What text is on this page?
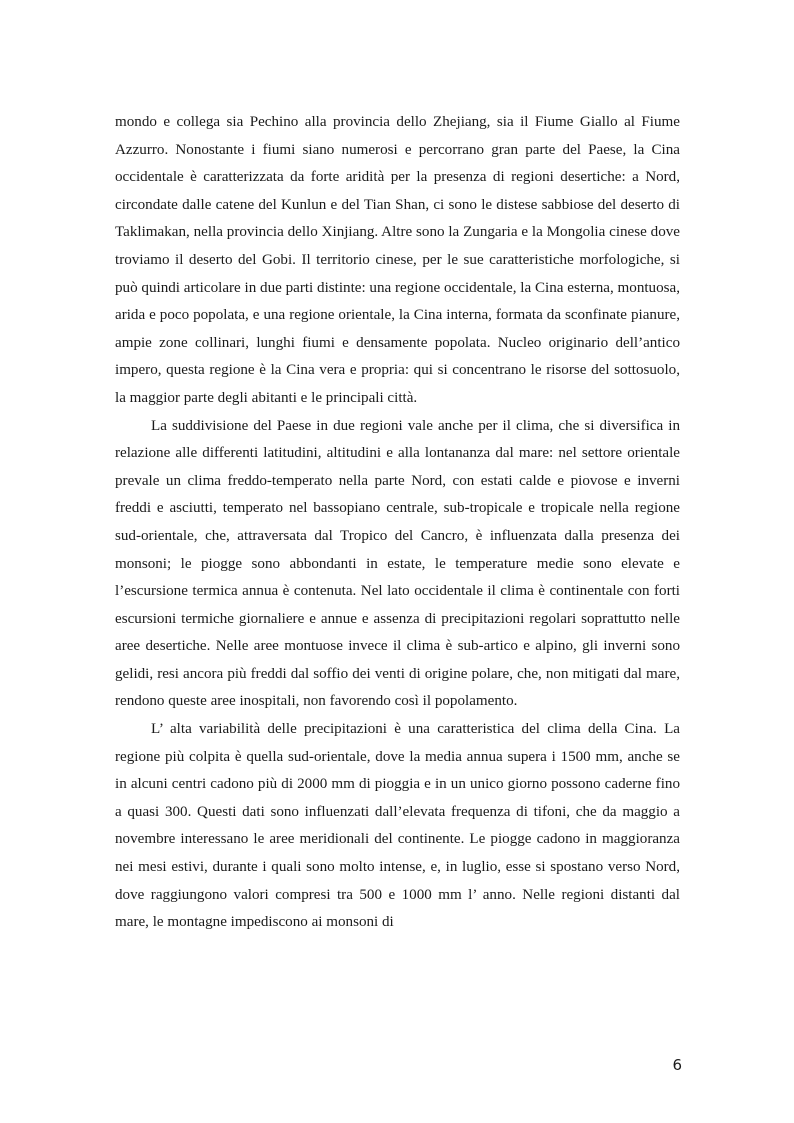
mondo e collega sia Pechino alla provincia dello Zhejiang, sia il Fiume Giallo al Fiume Azzurro. Nonostante i fiumi siano numerosi e percorrano gran parte del Paese, la Cina occidentale è caratterizzata da forte aridità per la presenza di regioni desertiche: a Nord, circondate dalle catene del Kunlun e del Tian Shan, ci sono le distese sabbiose del deserto di Taklimakan, nella provincia dello Xinjiang. Altre sono la Zungaria e la Mongolia cinese dove troviamo il deserto del Gobi. Il territorio cinese, per le sue caratteristiche morfologiche, si può quindi articolare in due parti distinte: una regione occidentale, la Cina esterna, montuosa, arida e poco popolata, e una regione orientale, la Cina interna, formata da sconfinate pianure, ampie zone collinari, lunghi fiumi e densamente popolata. Nucleo originario dell’antico impero, questa regione è la Cina vera e propria: qui si concentrano le risorse del sottosuolo, la maggior parte degli abitanti e le principali città.

La suddivisione del Paese in due regioni vale anche per il clima, che si diversifica in relazione alle differenti latitudini, altitudini e alla lontananza dal mare: nel settore orientale prevale un clima freddo-temperato nella parte Nord, con estati calde e piovose e inverni freddi e asciutti, temperato nel bassopiano centrale, sub-tropicale e tropicale nella regione sud-orientale, che, attraversata dal Tropico del Cancro, è influenzata dalla presenza dei monsoni; le piogge sono abbondanti in estate, le temperature medie sono elevate e l’escursione termica annua è contenuta. Nel lato occidentale il clima è continentale con forti escursioni termiche giornaliere e annue e assenza di precipitazioni regolari soprattutto nelle aree desertiche. Nelle aree montuose invece il clima è sub-artico e alpino, gli inverni sono gelidi, resi ancora più freddi dal soffio dei venti di origine polare, che, non mitigati dal mare, rendono queste aree inospitali, non favorendo così il popolamento.

L’ alta variabilità delle precipitazioni è una caratteristica del clima della Cina. La regione più colpita è quella sud-orientale, dove la media annua supera i 1500 mm, anche se in alcuni centri cadono più di 2000 mm di pioggia e in un unico giorno possono caderne fino a quasi 300. Questi dati sono influenzati dall’elevata frequenza di tifoni, che da maggio a novembre interessano le aree meridionali del continente. Le piogge cadono in maggioranza nei mesi estivi, durante i quali sono molto intense, e, in luglio, esse si spostano verso Nord, dove raggiungono valori compresi tra 500 e 1000 mm l’ anno. Nelle regioni distanti dal mare, le montagne impediscono ai monsoni di

6
